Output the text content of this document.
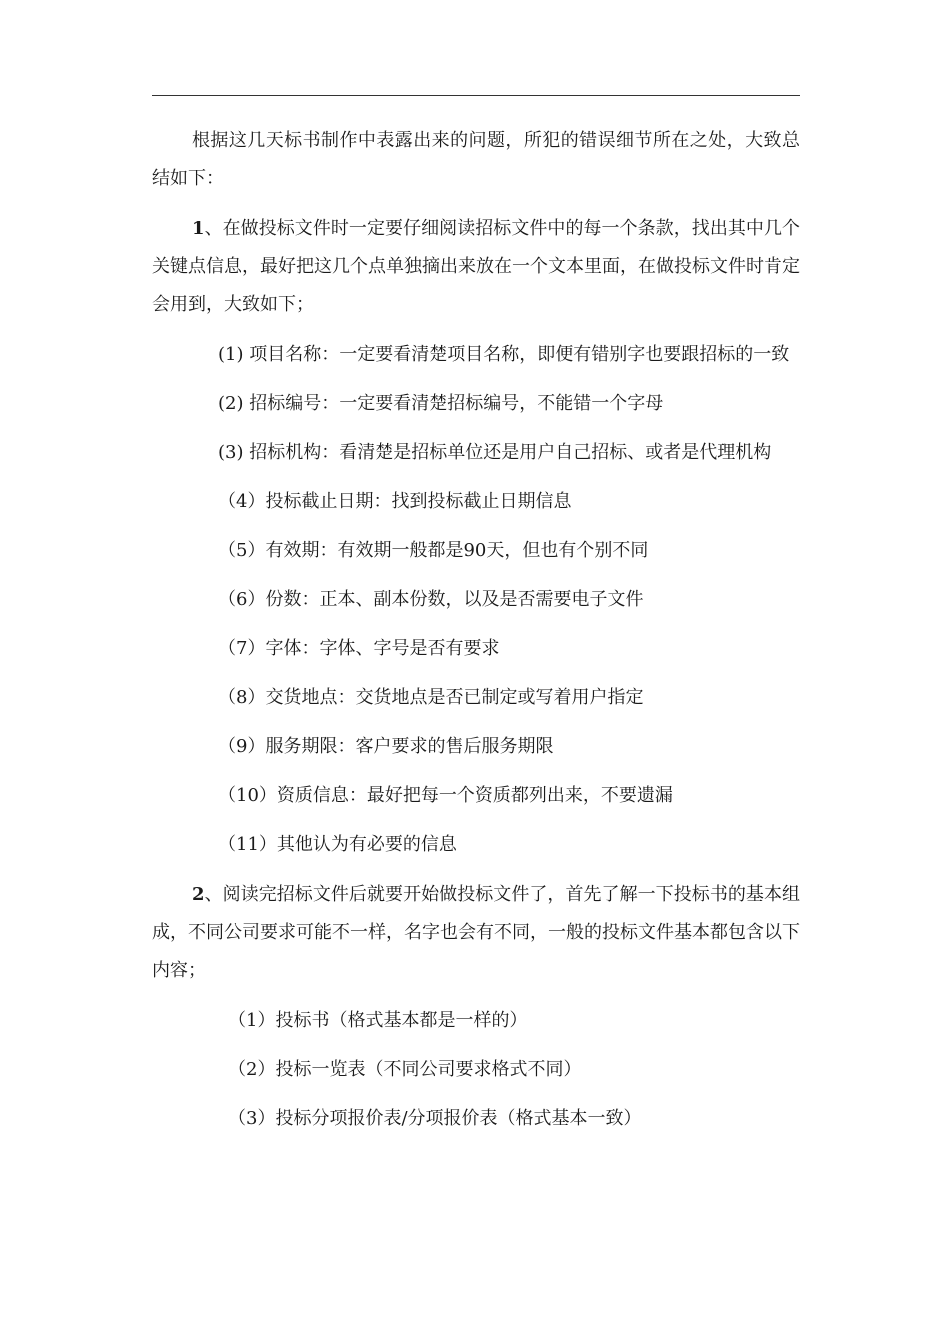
根据这几天标书制作中表露出来的问题，所犯的错误细节所在之处，大致总结如下：

1、在做投标文件时一定要仔细阅读招标文件中的每一个条款，找出其中几个关键点信息，最好把这几个点单独摘出来放在一个文本里面，在做投标文件时肯定会用到，大致如下；

(1) 项目名称：一定要看清楚项目名称，即便有错别字也要跟招标的一致

(2) 招标编号：一定要看清楚招标编号，不能错一个字母

(3) 招标机构：看清楚是招标单位还是用户自己招标、或者是代理机构

（4）投标截止日期：找到投标截止日期信息

（5）有效期：有效期一般都是90天，但也有个别不同

（6）份数：正本、副本份数，以及是否需要电子文件

（7）字体：字体、字号是否有要求

（8）交货地点：交货地点是否已制定或写着用户指定

（9）服务期限：客户要求的售后服务期限

（10）资质信息：最好把每一个资质都列出来，不要遗漏

（11）其他认为有必要的信息

2、阅读完招标文件后就要开始做投标文件了，首先了解一下投标书的基本组成，不同公司要求可能不一样，名字也会有不同，一般的投标文件基本都包含以下内容；

（1）投标书（格式基本都是一样的）

（2）投标一览表（不同公司要求格式不同）

（3）投标分项报价表/分项报价表（格式基本一致）
